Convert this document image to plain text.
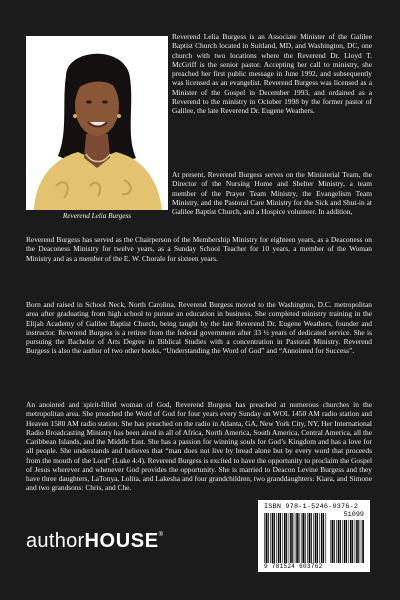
Reverend Lelia Burgess

Reverend Lelia Burgess is an Associate Minister of the Galilee Baptist Church located in Suitland, MD, and Washington, DC, one church with two locations where the Reverend Dr. Lloyd T. McGriff is the senior pastor. Accepting her call to ministry, she preached her first public message in June 1992, and subsequently was licensed as an evangelist. Reverend Burgess was licensed as a Minister of the Gospel in December 1993, and ordained as a Reverend to the ministry in October 1998 by the former pastor of Galilee, the late Reverend Dr. Eugene Weathers.

At present, Reverend Burgess serves on the Ministerial Team, the Director of the Nursing Home and Shelter Ministry, a team member of the Prayer Team Ministry, the Evangelism Team Ministry, and the Pastoral Care Ministry for the Sick and Shut-in at Galilee Baptist Church, and a Hospice volunteer. In addition,

Reverend Burgess has served as the Chairperson of the Membership Ministry for eighteen years, as a Deaconess on the Deaconess Ministry for twelve years, as a Sunday School Teacher for 10 years, a member of the Woman Ministry and as a member of the E. W. Chorale for sixteen years.

Born and raised in School Neck, North Carolina, Reverend Burgess moved to the Washington, D.C. metropolitan area after graduating from high school to pursue an education in business. She completed ministry training in the Elijah Academy of Galilee Baptist Church, being taught by the late Reverend Dr. Eugene Weathers, founder and instructor. Reverend Burgess is a retiree from the federal government after 33 ½ years of dedicated service. She is pursuing the Bachelor of Arts Degree in Biblical Studies with a concentration in Pastoral Ministry. Reverend Burgess is also the author of two other books, “Understanding the Word of God” and “Annointed for Success”.

An anointed and spirit-filled woman of God, Reverend Burgess has preached at numerous churches in the metropolitan area. She preached the Word of God for four years every Sunday on WOL 1450 AM radio station and Heaven 1580 AM radio station. She has preached on the radio in Atlanta, GA, New York City, NY, Her International Radio Broadcasting Ministry has been aired in all of Africa, North America, South America, Central America, all the Caribbean Islands, and the Middle East. She has a passion for winning souls for God’s Kingdom and has a love for all people. She understands and believes that “man does not live by bread alone but by every word that proceeds from the mouth of the Lord” (Luke 4:4). Reverend Burgess is excited to have the opportunity to proclaim the Gospel of Jesus wherever and whenever God provides the opportunity. She is married to Deacon Levine Burgess and they have three daughters, LaTonya, Lolita, and Lakesha and four grandchildren, two granddaughters: Kiara, and Simone and two grandsons: Chris, and Che.

authorHOUSE®
ISBN 978-1-5246-0376-2
51099
9 781524 603762
